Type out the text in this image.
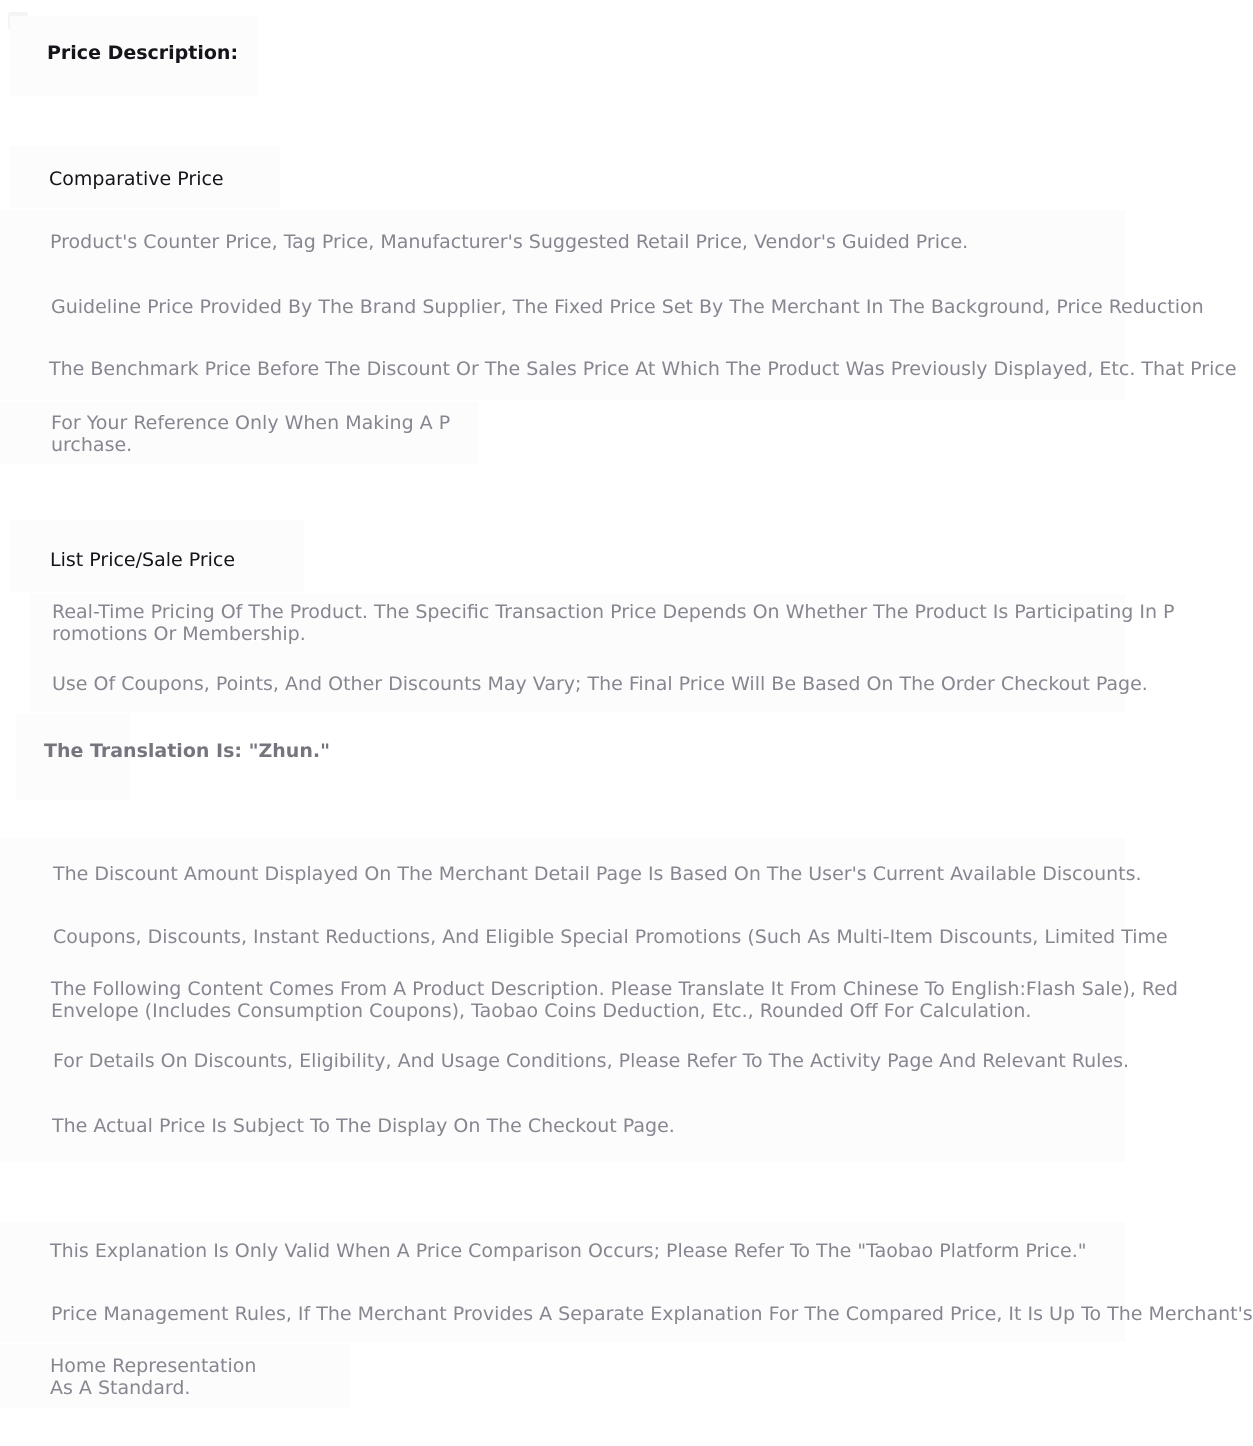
Price Description:
Comparative Price
Product's Counter Price, Tag Price, Manufacturer's Suggested Retail Price, Vendor's Guided Price.
Guideline Price Provided By The Brand Supplier, The Fixed Price Set By The Merchant In The Background, Price Reduction
The Benchmark Price Before The Discount Or The Sales Price At Which The Product Was Previously Displayed, Etc. That Price
For Your Reference Only When Making A P
urchase.
List Price/Sale Price
Real-Time Pricing Of The Product. The Specific Transaction Price Depends On Whether The Product Is Participating In P
romotions Or Membership.
Use Of Coupons, Points, And Other Discounts May Vary; The Final Price Will Be Based On The Order Checkout Page.
The Translation Is: "Zhun."
The Discount Amount Displayed On The Merchant Detail Page Is Based On The User's Current Available Discounts.
Coupons, Discounts, Instant Reductions, And Eligible Special Promotions (Such As Multi-Item Discounts, Limited Time
The Following Content Comes From A Product Description. Please Translate It From Chinese To English:Flash Sale), Red
Envelope (Includes Consumption Coupons), Taobao Coins Deduction, Etc., Rounded Off For Calculation.
For Details On Discounts, Eligibility, And Usage Conditions, Please Refer To The Activity Page And Relevant Rules.
The Actual Price Is Subject To The Display On The Checkout Page.
This Explanation Is Only Valid When A Price Comparison Occurs; Please Refer To The "Taobao Platform Price."
Price Management Rules, If The Merchant Provides A Separate Explanation For The Compared Price, It Is Up To The Merchant's
Home Representation
As A Standard.
